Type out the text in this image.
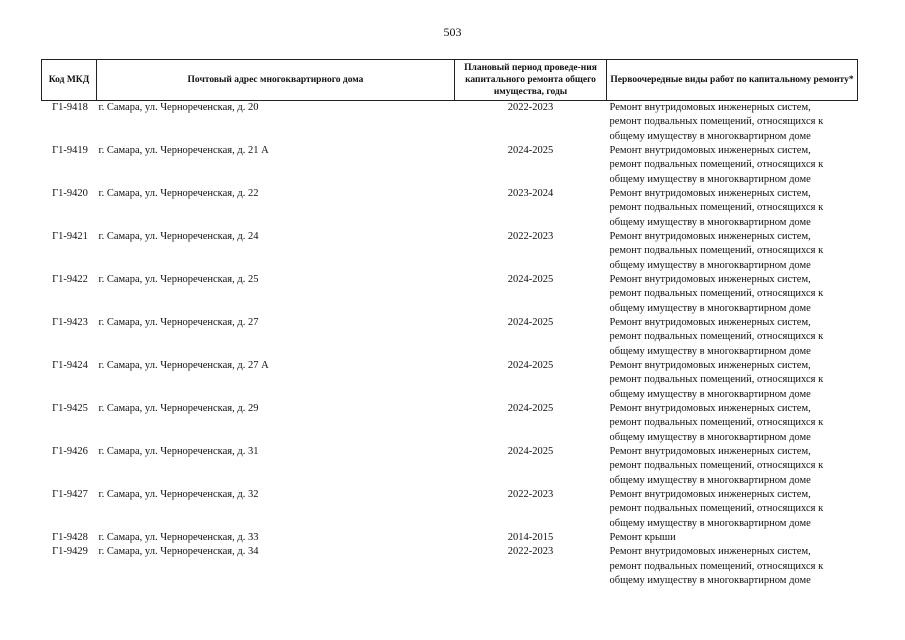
503
Код МКД	Почтовый адрес многоквартирного дома	Плановый период проведе-ния капитального ремонта общего имущества, годы	Первоочередные виды работ по капитальному ремонту*
Г1-9418	г. Самара, ул. Чернореченская, д. 20	2022-2023	Ремонт внутридомовых инженерных систем,
ремонт подвальных помещений, относящихся к
общему имуществу в многоквартирном доме

Г1-9419	г. Самара, ул. Чернореченская, д. 21 А	2024-2025	Ремонт внутридомовых инженерных систем,
ремонт подвальных помещений, относящихся к
общему имуществу в многоквартирном доме

Г1-9420	г. Самара, ул. Чернореченская, д. 22	2023-2024	Ремонт внутридомовых инженерных систем,
ремонт подвальных помещений, относящихся к
общему имуществу в многоквартирном доме

Г1-9421	г. Самара, ул. Чернореченская, д. 24	2022-2023	Ремонт внутридомовых инженерных систем,
ремонт подвальных помещений, относящихся к
общему имуществу в многоквартирном доме

Г1-9422	г. Самара, ул. Чернореченская, д. 25	2024-2025	Ремонт внутридомовых инженерных систем,
ремонт подвальных помещений, относящихся к
общему имуществу в многоквартирном доме

Г1-9423	г. Самара, ул. Чернореченская, д. 27	2024-2025	Ремонт внутридомовых инженерных систем,
ремонт подвальных помещений, относящихся к
общему имуществу в многоквартирном доме

Г1-9424	г. Самара, ул. Чернореченская, д. 27 А	2024-2025	Ремонт внутридомовых инженерных систем,
ремонт подвальных помещений, относящихся к
общему имуществу в многоквартирном доме

Г1-9425	г. Самара, ул. Чернореченская, д. 29	2024-2025	Ремонт внутридомовых инженерных систем,
ремонт подвальных помещений, относящихся к
общему имуществу в многоквартирном доме

Г1-9426	г. Самара, ул. Чернореченская, д. 31	2024-2025	Ремонт внутридомовых инженерных систем,
ремонт подвальных помещений, относящихся к
общему имуществу в многоквартирном доме

Г1-9427	г. Самара, ул. Чернореченская, д. 32	2022-2023	Ремонт внутридомовых инженерных систем,
ремонт подвальных помещений, относящихся к
общему имуществу в многоквартирном доме

Г1-9428	г. Самара, ул. Чернореченская, д. 33	2014-2015	Ремонт крыши

Г1-9429	г. Самара, ул. Чернореченская, д. 34	2022-2023	Ремонт внутридомовых инженерных систем,
ремонт подвальных помещений, относящихся к
общему имуществу в многоквартирном доме
